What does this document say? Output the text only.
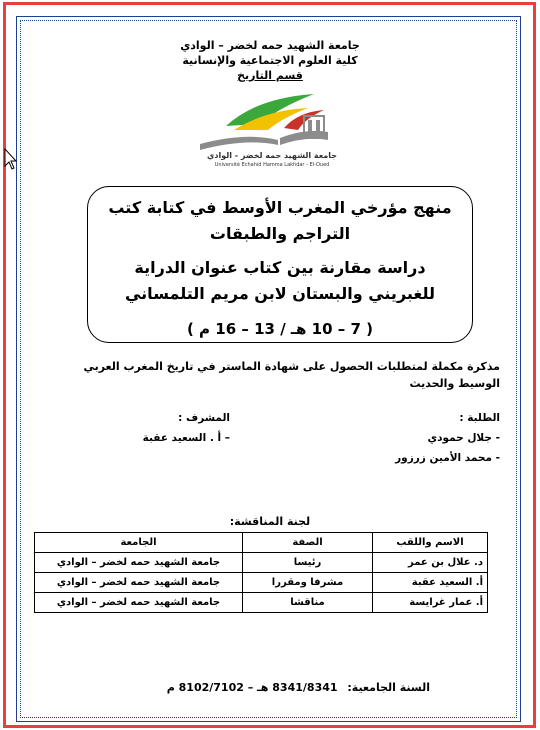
جامعة الشهيد حمه لخضر – الوادي
كلية العلوم الاجتماعية والإنسانية
قسم التاريخ
جامعة الشهيد حمه لخضر - الوادي
Université Echahid Hamma Lakhdar - El-Oued
منهج مؤرخي المغرب الأوسط في كتابة كتب التراجم والطبقات
دراسة مقارنة بين كتاب عنوان الدراية للغبريني والبستان لابن مريم التلمساني
( 7 – 10 هـ / 13 – 16 م )
مذكرة مكملة لمتطلبات الحصول على شهادة الماستر في تاريخ المغرب العربي الوسيط والحديث
الطلبة :
- جلال حمودي
- محمد الأمين زرزور
المشرف :
– أ . السعيد عقبة
لجنة المناقشة:
الاسم واللقب	الصفة	الجامعة
د. علال بن عمر	رئيسا	جامعة الشهيد حمه لخضر – الوادي
أ. السعيد عقبة	مشرفا ومقررا	جامعة الشهيد حمه لخضر – الوادي
أ. عمار غرايسة	مناقشا	جامعة الشهيد حمه لخضر – الوادي
السنة الجامعية: 8341/8341 هـ – 8102/7102 م
